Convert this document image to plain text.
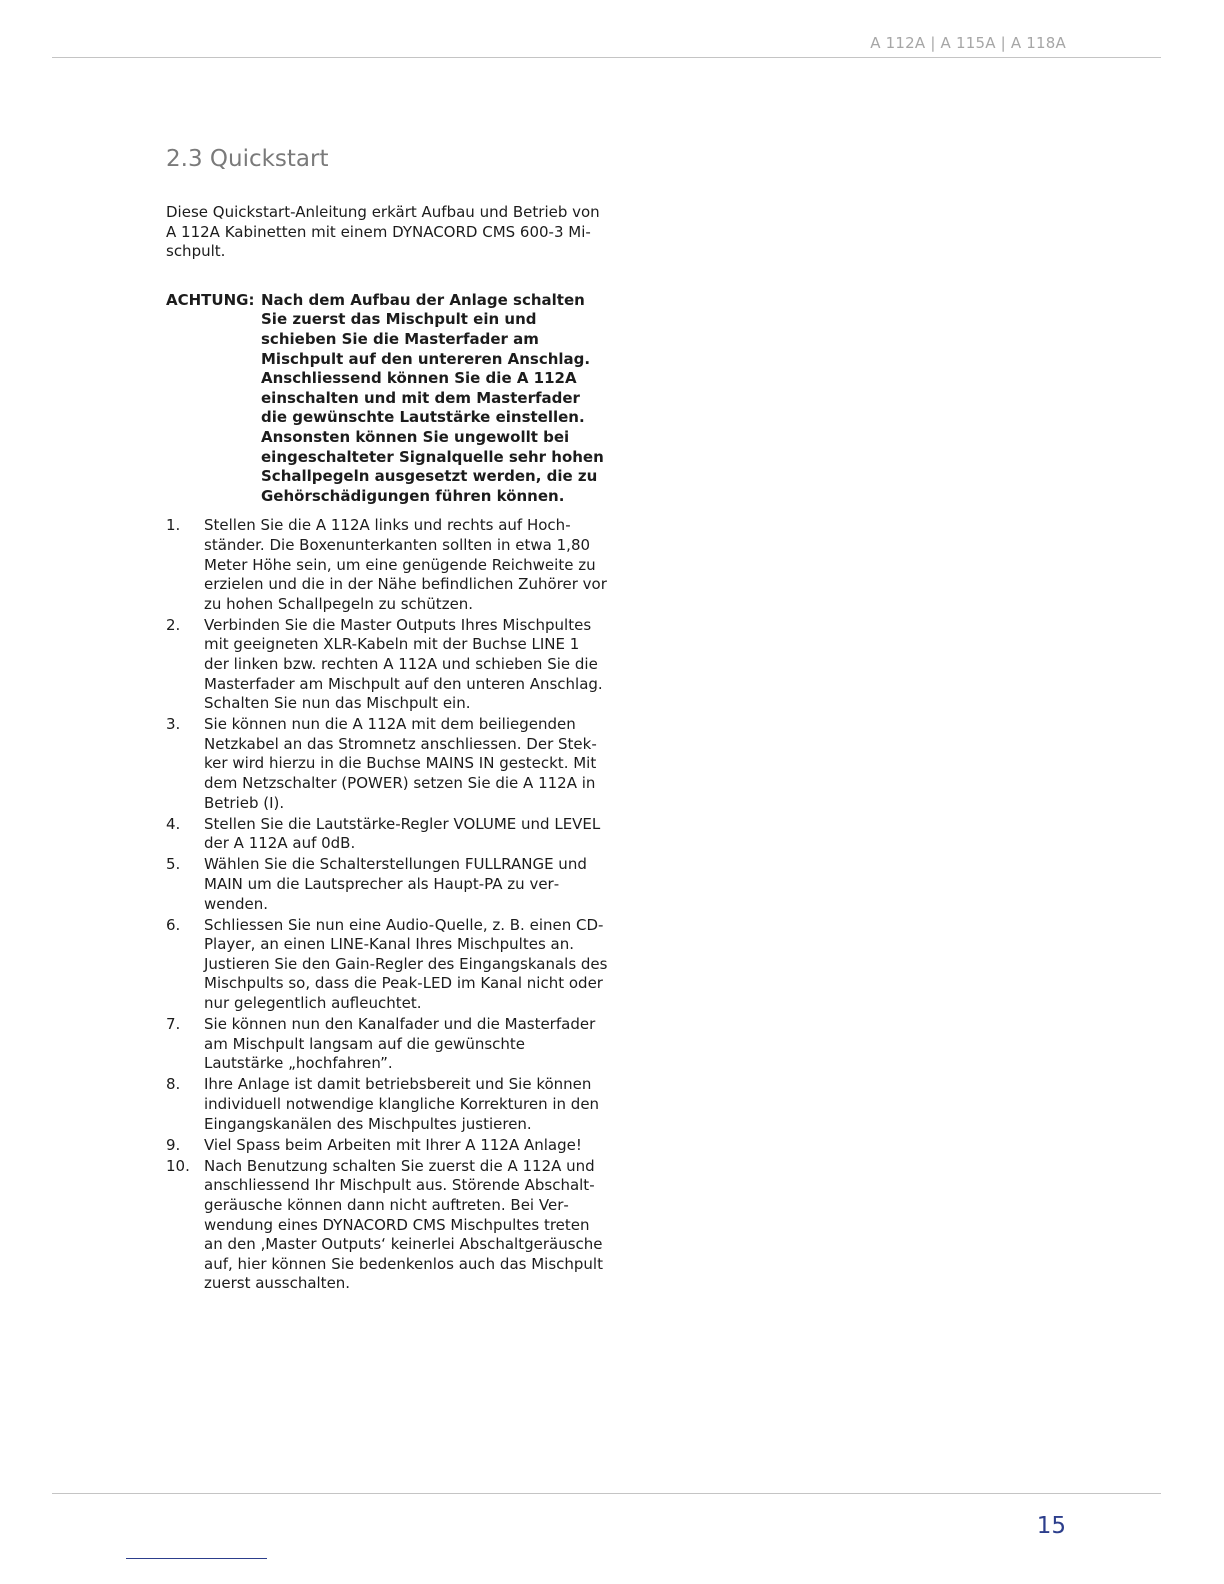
A 112A | A 115A | A 118A
2.3 Quickstart

Diese Quickstart-Anleitung erkärt Aufbau und Betrieb von A 112A Kabinetten mit einem DYNACORD CMS 600-3 Mischpult.

ACHTUNG: Nach dem Aufbau der Anlage schalten Sie zuerst das Mischpult ein und schieben Sie die Masterfader am Mischpult auf den untereren Anschlag. Anschliessend können Sie die A 112A einschalten und mit dem Masterfader die gewünschte Lautstärke einstellen. Ansonsten können Sie ungewollt bei eingeschalteter Signalquelle sehr hohen Schallpegeln ausgesetzt werden, die zu Gehörschädigungen führen können.
1.	Stellen Sie die A 112A links und rechts auf Hochständer. Die Boxenunterkanten sollten in etwa 1,80 Meter Höhe sein, um eine genügende Reichweite zu erzielen und die in der Nähe befindlichen Zuhörer vor zu hohen Schallpegeln zu schützen.
2.	Verbinden Sie die Master Outputs Ihres Mischpultes mit geeigneten XLR-Kabeln mit der Buchse LINE 1 der linken bzw. rechten A 112A und schieben Sie die Masterfader am Mischpult auf den unteren Anschlag. Schalten Sie nun das Mischpult ein.
3.	Sie können nun die A 112A mit dem beiliegenden Netzkabel an das Stromnetz anschliessen. Der Stekker wird hierzu in die Buchse MAINS IN gesteckt. Mit dem Netzschalter (POWER) setzen Sie die A 112A in Betrieb (I).
4.	Stellen Sie die Lautstärke-Regler VOLUME und LEVEL der A 112A auf 0dB.
5.	Wählen Sie die Schalterstellungen FULLRANGE und MAIN um die Lautsprecher als Haupt-PA zu verwenden.
6.	Schliessen Sie nun eine Audio-Quelle, z. B. einen CD-Player, an einen LINE-Kanal Ihres Mischpultes an. Justieren Sie den Gain-Regler des Eingangskanals des Mischpults so, dass die Peak-LED im Kanal nicht oder nur gelegentlich aufleuchtet.
7.	Sie können nun den Kanalfader und die Masterfader am Mischpult langsam auf die gewünschte Lautstärke „hochfahren”.
8.	Ihre Anlage ist damit betriebsbereit und Sie können individuell notwendige klangliche Korrekturen in den Eingangskanälen des Mischpultes justieren.
9.	Viel Spass beim Arbeiten mit Ihrer A 112A Anlage!
10. Nach Benutzung schalten Sie zuerst die A 112A und anschliessend Ihr Mischpult aus. Störende Abschaltgeräusche können dann nicht auftreten. Bei Verwendung eines DYNACORD CMS Mischpultes treten an den ‚Master Outputs‘ keinerlei Abschaltgeräusche auf, hier können Sie bedenkenlos auch das Mischpult zuerst ausschalten.
15
